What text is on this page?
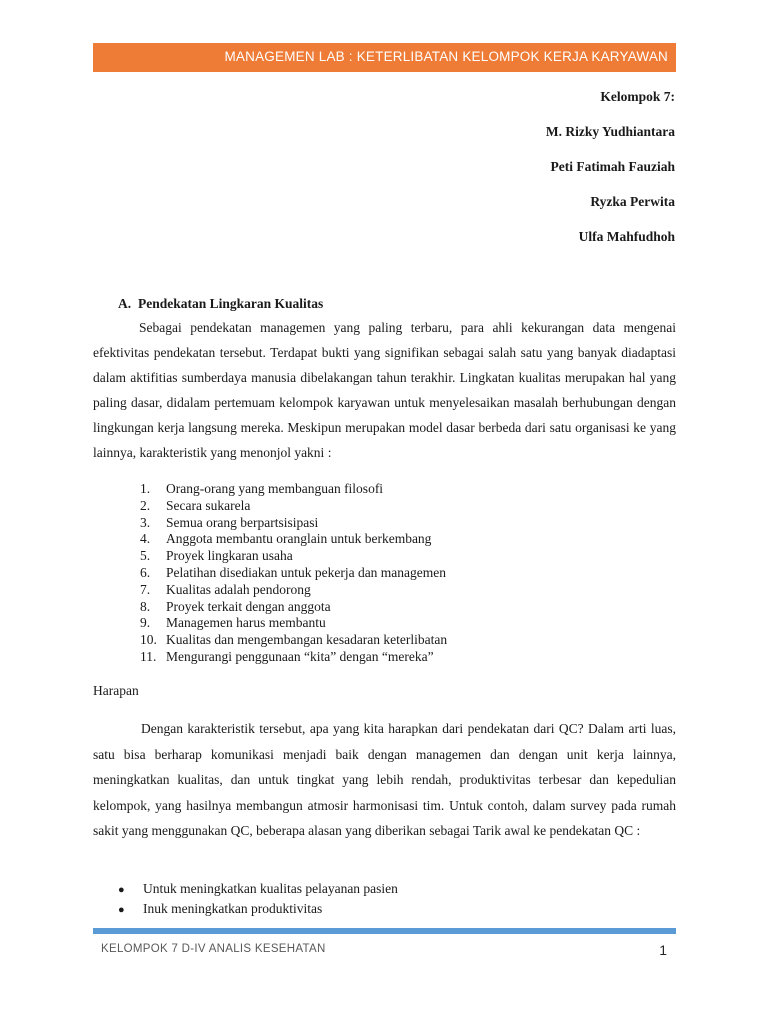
MANAGEMEN LAB : KETERLIBATAN KELOMPOK KERJA KARYAWAN
Kelompok 7:
M. Rizky Yudhiantara
Peti Fatimah Fauziah
Ryzka Perwita
Ulfa Mahfudhoh
A. Pendekatan Lingkaran Kualitas
Sebagai pendekatan managemen yang paling terbaru, para ahli kekurangan data mengenai efektivitas pendekatan tersebut. Terdapat bukti yang signifikan sebagai salah satu yang banyak diadaptasi dalam aktifitias sumberdaya manusia dibelakangan tahun terakhir. Lingkatan kualitas merupakan hal yang paling dasar, didalam pertemuam kelompok karyawan untuk menyelesaikan masalah berhubungan dengan lingkungan kerja langsung mereka. Meskipun merupakan model dasar berbeda dari satu organisasi ke yang lainnya, karakteristik yang menonjol yakni :
1. Orang-orang yang membanguan filosofi
2. Secara sukarela
3. Semua orang berpartsisipasi
4. Anggota membantu oranglain untuk berkembang
5. Proyek lingkaran usaha
6. Pelatihan disediakan untuk pekerja dan managemen
7. Kualitas adalah pendorong
8. Proyek terkait dengan anggota
9. Managemen harus membantu
10. Kualitas dan mengembangan kesadaran keterlibatan
11. Mengurangi penggunaan “kita” dengan “mereka”
Harapan
Dengan karakteristik tersebut, apa yang kita harapkan dari pendekatan dari QC? Dalam arti luas, satu bisa berharap komunikasi menjadi baik dengan managemen dan dengan unit kerja lainnya, meningkatkan kualitas, dan untuk tingkat yang lebih rendah, produktivitas terbesar dan kepedulian kelompok, yang hasilnya membangun atmosir harmonisasi tim. Untuk contoh, dalam survey pada rumah sakit yang menggunakan QC, beberapa alasan yang diberikan sebagai Tarik awal ke pendekatan QC :
● Untuk meningkatkan kualitas pelayanan pasien
● Inuk meningkatkan produktivitas
KELOMPOK 7 D-IV ANALIS KESEHATAN	1
